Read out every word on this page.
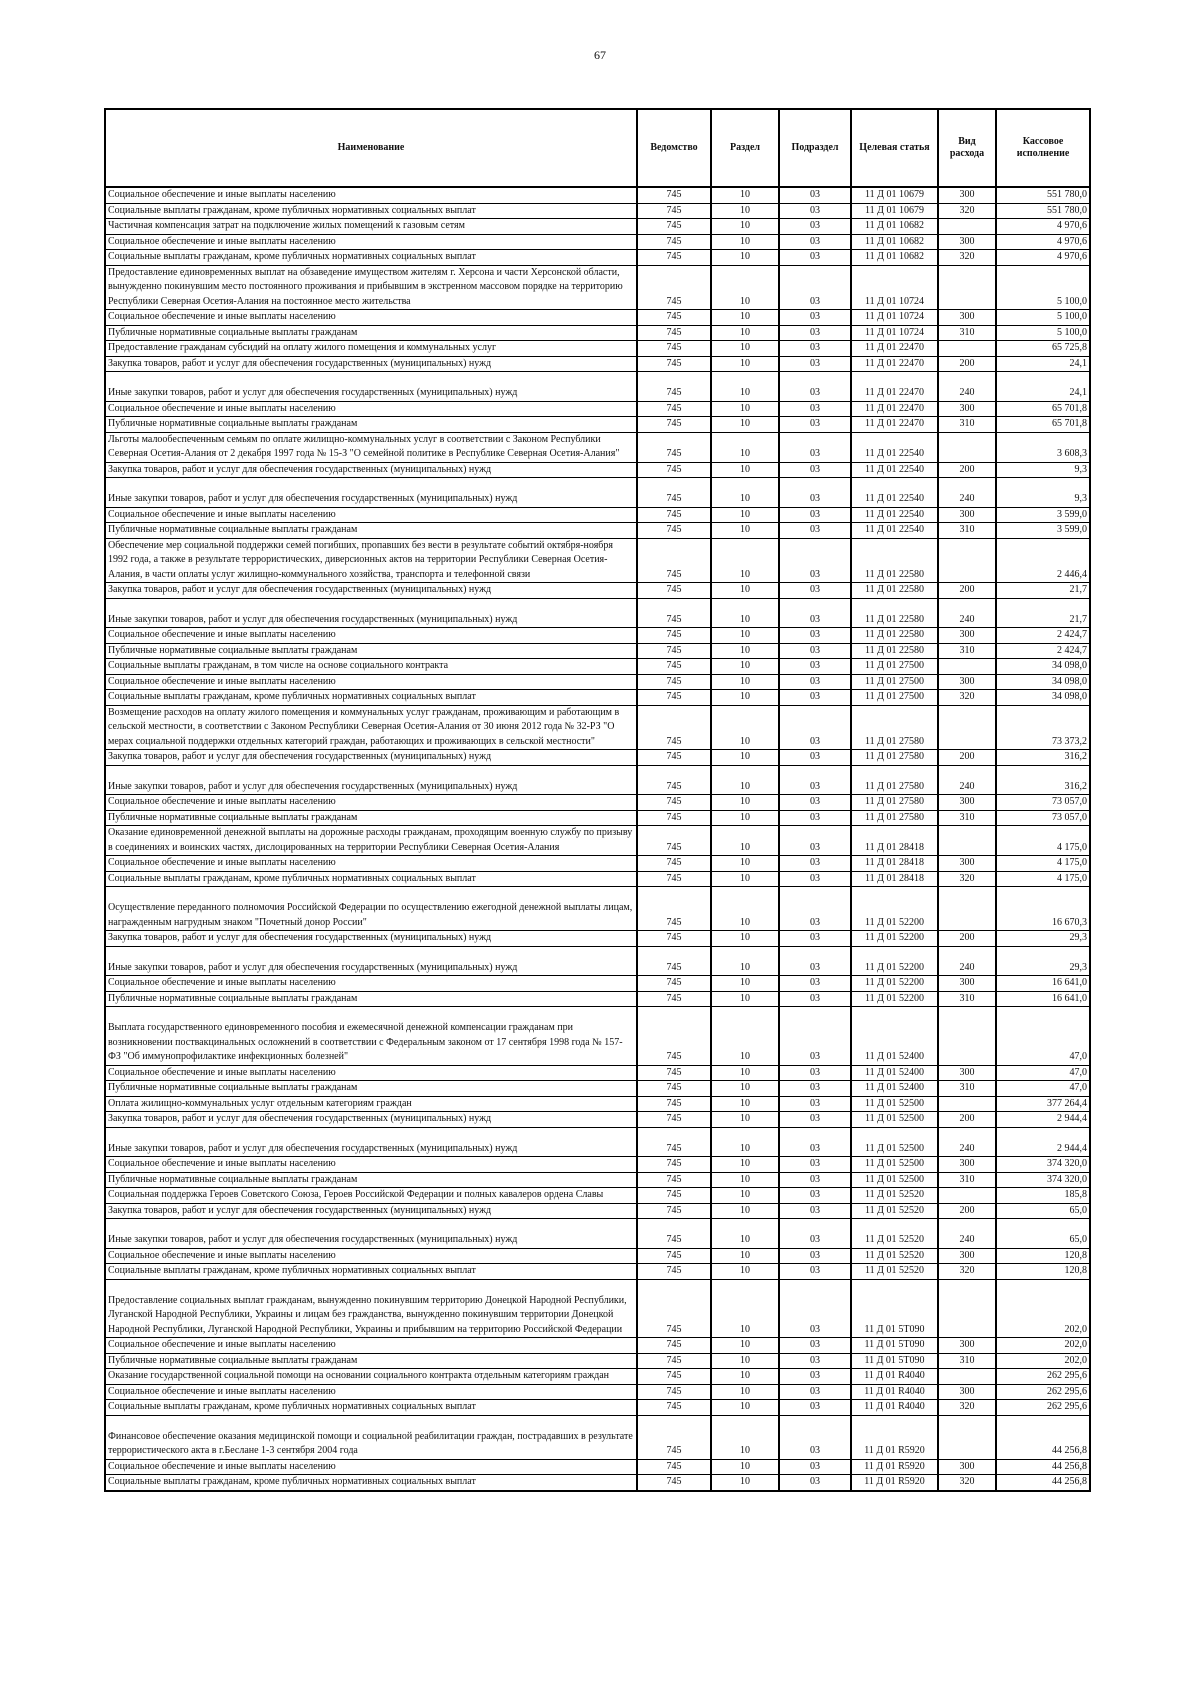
67
Наименование	Ведомство	Раздел	Подраздел	Целевая статья	Вид расхода	Кассовое исполнение
Социальное обеспечение и иные выплаты населению	745	10	03	11 Д 01 10679	300	551 780,0
Социальные выплаты гражданам, кроме публичных нормативных социальных выплат	745	10	03	11 Д 01 10679	320	551 780,0
Частичная компенсация затрат на подключение жилых помещений к газовым сетям	745	10	03	11 Д 01 10682		4 970,6
Социальное обеспечение и иные выплаты населению	745	10	03	11 Д 01 10682	300	4 970,6
Социальные выплаты гражданам, кроме публичных нормативных социальных выплат	745	10	03	11 Д 01 10682	320	4 970,6
Предоставление единовременных выплат на обзаведение имуществом жителям г. Херсона и части Херсонской области, вынужденно покинувшим место постоянного проживания и прибывшим в экстренном массовом порядке на территорию Республики Северная Осетия-Алания на постоянное место жительства	745	10	03	11 Д 01 10724		5 100,0
Социальное обеспечение и иные выплаты населению	745	10	03	11 Д 01 10724	300	5 100,0
Публичные нормативные социальные выплаты гражданам	745	10	03	11 Д 01 10724	310	5 100,0
Предоставление гражданам субсидий на оплату жилого помещения и коммунальных услуг	745	10	03	11 Д 01 22470		65 725,8
Закупка товаров, работ и услуг для обеспечения государственных (муниципальных) нужд	745	10	03	11 Д 01 22470	200	24,1
Иные закупки товаров, работ и услуг для обеспечения государственных (муниципальных) нужд	745	10	03	11 Д 01 22470	240	24,1
Социальное обеспечение и иные выплаты населению	745	10	03	11 Д 01 22470	300	65 701,8
Публичные нормативные социальные выплаты гражданам	745	10	03	11 Д 01 22470	310	65 701,8
Льготы малообеспеченным семьям по оплате жилищно-коммунальных услуг в соответствии с Законом Республики Северная Осетия-Алания от 2 декабря 1997 года № 15-З "О семейной политике в Республике Северная Осетия-Алания"	745	10	03	11 Д 01 22540		3 608,3
Закупка товаров, работ и услуг для обеспечения государственных (муниципальных) нужд	745	10	03	11 Д 01 22540	200	9,3
Иные закупки товаров, работ и услуг для обеспечения государственных (муниципальных) нужд	745	10	03	11 Д 01 22540	240	9,3
Социальное обеспечение и иные выплаты населению	745	10	03	11 Д 01 22540	300	3 599,0
Публичные нормативные социальные выплаты гражданам	745	10	03	11 Д 01 22540	310	3 599,0
Обеспечение мер социальной поддержки семей погибших, пропавших без вести в результате событий октября-ноября 1992 года, а также в результате террористических, диверсионных актов на территории Республики Северная Осетия-Алания, в части оплаты услуг жилищно-коммунального хозяйства, транспорта и телефонной связи	745	10	03	11 Д 01 22580		2 446,4
Закупка товаров, работ и услуг для обеспечения государственных (муниципальных) нужд	745	10	03	11 Д 01 22580	200	21,7
Иные закупки товаров, работ и услуг для обеспечения государственных (муниципальных) нужд	745	10	03	11 Д 01 22580	240	21,7
Социальное обеспечение и иные выплаты населению	745	10	03	11 Д 01 22580	300	2 424,7
Публичные нормативные социальные выплаты гражданам	745	10	03	11 Д 01 22580	310	2 424,7
Социальные выплаты гражданам, в том числе на основе социального контракта	745	10	03	11 Д 01 27500		34 098,0
Социальное обеспечение и иные выплаты населению	745	10	03	11 Д 01 27500	300	34 098,0
Социальные выплаты гражданам, кроме публичных нормативных социальных выплат	745	10	03	11 Д 01 27500	320	34 098,0
Возмещение расходов на оплату жилого помещения и коммунальных услуг гражданам, проживающим и работающим в сельской местности, в соответствии с Законом Республики Северная Осетия-Алания от 30 июня 2012 года № 32-РЗ "О мерах социальной поддержки отдельных категорий граждан, работающих и проживающих в сельской местности"	745	10	03	11 Д 01 27580		73 373,2
Закупка товаров, работ и услуг для обеспечения государственных (муниципальных) нужд	745	10	03	11 Д 01 27580	200	316,2
Иные закупки товаров, работ и услуг для обеспечения государственных (муниципальных) нужд	745	10	03	11 Д 01 27580	240	316,2
Социальное обеспечение и иные выплаты населению	745	10	03	11 Д 01 27580	300	73 057,0
Публичные нормативные социальные выплаты гражданам	745	10	03	11 Д 01 27580	310	73 057,0
Оказание единовременной денежной выплаты на дорожные расходы гражданам, проходящим военную службу по призыву в соединениях и воинских частях, дислоцированных на территории Республики Северная Осетия-Алания	745	10	03	11 Д 01 28418		4 175,0
Социальное обеспечение и иные выплаты населению	745	10	03	11 Д 01 28418	300	4 175,0
Социальные выплаты гражданам, кроме публичных нормативных социальных выплат	745	10	03	11 Д 01 28418	320	4 175,0
Осуществление переданного полномочия Российской Федерации по осуществлению ежегодной денежной выплаты лицам, награжденным нагрудным знаком "Почетный донор России"	745	10	03	11 Д 01 52200		16 670,3
Закупка товаров, работ и услуг для обеспечения государственных (муниципальных) нужд	745	10	03	11 Д 01 52200	200	29,3
Иные закупки товаров, работ и услуг для обеспечения государственных (муниципальных) нужд	745	10	03	11 Д 01 52200	240	29,3
Социальное обеспечение и иные выплаты населению	745	10	03	11 Д 01 52200	300	16 641,0
Публичные нормативные социальные выплаты гражданам	745	10	03	11 Д 01 52200	310	16 641,0
Выплата государственного единовременного пособия и ежемесячной денежной компенсации гражданам при возникновении поствакцинальных осложнений в соответствии с Федеральным законом от 17 сентября 1998 года № 157-ФЗ "Об иммунопрофилактике инфекционных болезней"	745	10	03	11 Д 01 52400		47,0
Социальное обеспечение и иные выплаты населению	745	10	03	11 Д 01 52400	300	47,0
Публичные нормативные социальные выплаты гражданам	745	10	03	11 Д 01 52400	310	47,0
Оплата жилищно-коммунальных услуг отдельным категориям граждан	745	10	03	11 Д 01 52500		377 264,4
Закупка товаров, работ и услуг для обеспечения государственных (муниципальных) нужд	745	10	03	11 Д 01 52500	200	2 944,4
Иные закупки товаров, работ и услуг для обеспечения государственных (муниципальных) нужд	745	10	03	11 Д 01 52500	240	2 944,4
Социальное обеспечение и иные выплаты населению	745	10	03	11 Д 01 52500	300	374 320,0
Публичные нормативные социальные выплаты гражданам	745	10	03	11 Д 01 52500	310	374 320,0
Социальная поддержка Героев Советского Союза, Героев Российской Федерации и полных кавалеров ордена Славы	745	10	03	11 Д 01 52520		185,8
Закупка товаров, работ и услуг для обеспечения государственных (муниципальных) нужд	745	10	03	11 Д 01 52520	200	65,0
Иные закупки товаров, работ и услуг для обеспечения государственных (муниципальных) нужд	745	10	03	11 Д 01 52520	240	65,0
Социальное обеспечение и иные выплаты населению	745	10	03	11 Д 01 52520	300	120,8
Социальные выплаты гражданам, кроме публичных нормативных социальных выплат	745	10	03	11 Д 01 52520	320	120,8
Предоставление социальных выплат гражданам, вынужденно покинувшим территорию Донецкой Народной Республики, Луганской Народной Республики, Украины и лицам без гражданства, вынужденно покинувшим территории Донецкой Народной Республики, Луганской Народной Республики, Украины и прибывшим на территорию Российской Федерации	745	10	03	11 Д 01 5Т090		202,0
Социальное обеспечение и иные выплаты населению	745	10	03	11 Д 01 5Т090	300	202,0
Публичные нормативные социальные выплаты гражданам	745	10	03	11 Д 01 5Т090	310	202,0
Оказание государственной социальной помощи на основании социального контракта отдельным категориям граждан	745	10	03	11 Д 01 R4040		262 295,6
Социальное обеспечение и иные выплаты населению	745	10	03	11 Д 01 R4040	300	262 295,6
Социальные выплаты гражданам, кроме публичных нормативных социальных выплат	745	10	03	11 Д 01 R4040	320	262 295,6
Финансовое обеспечение оказания медицинской помощи и социальной реабилитации граждан, пострадавших в результате террористического акта в г.Беслане 1-3 сентября 2004 года	745	10	03	11 Д 01 R5920		44 256,8
Социальное обеспечение и иные выплаты населению	745	10	03	11 Д 01 R5920	300	44 256,8
Социальные выплаты гражданам, кроме публичных нормативных социальных выплат	745	10	03	11 Д 01 R5920	320	44 256,8
